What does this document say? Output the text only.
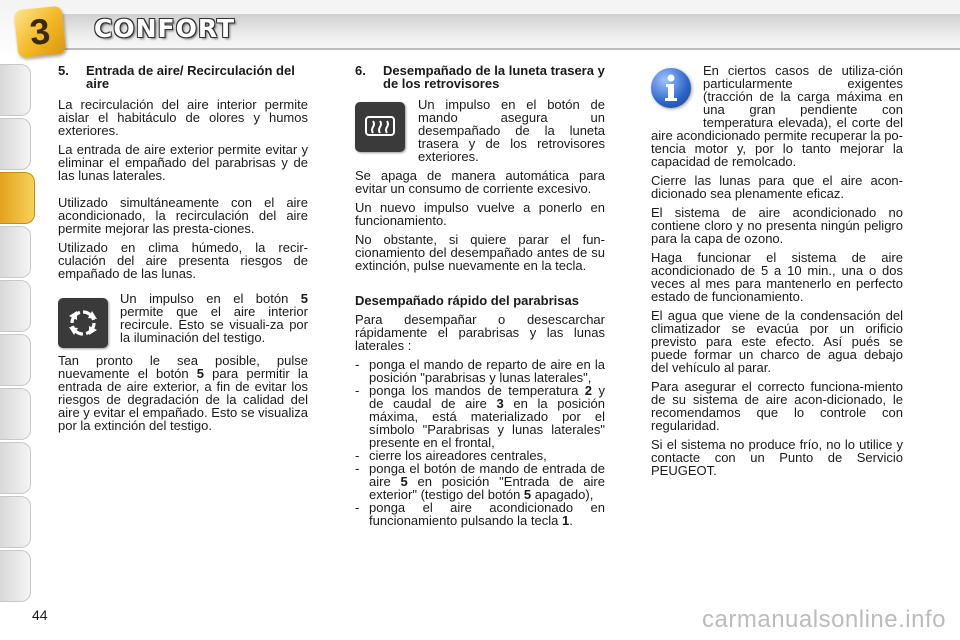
3	CONFORT
5.	Entrada de aire/ Recirculación del aire

La recirculación del aire interior permite aislar el habitáculo de olores y humos exteriores.

La entrada de aire exterior permite evitar y eliminar el empañado del parabrisas y de las lunas laterales.

Utilizado simultáneamente con el aire acondicionado, la recirculación del aire permite mejorar las presta-ciones.

Utilizado en clima húmedo, la recir-culación del aire presenta riesgos de empañado de las lunas.

Un impulso en el botón 5 permite que el aire interior recircule. Esto se visuali-za por la iluminación del testigo.

Tan pronto le sea posible, pulse nuevamente el botón 5 para permitir la entrada de aire exterior, a fin de evitar los riesgos de degradación de la calidad del aire y evitar el empañado. Esto se visualiza por la extinción del testigo.

6.	Desempañado de la luneta trasera y de los retrovisores
Un impulso en el botón de mando asegura un desempañado de la luneta trasera y de los retrovisores exteriores.

Se apaga de manera automática para evitar un consumo de corriente excesivo.

Un nuevo impulso vuelve a ponerlo en funcionamiento.

No obstante, si quiere parar el fun-cionamiento del desempañado antes de su extinción, pulse nuevamente en la tecla.

Desempañado rápido del parabrisas

Para desempañar o desescarchar rápidamente el parabrisas y las lunas laterales :

- ponga el mando de reparto de aire en la posición "parabrisas y lunas laterales",
- ponga los mandos de temperatura 2 y de caudal de aire 3 en la posición máxima, está materializado por el símbolo "Parabrisas y lunas laterales" presente en el frontal,
- cierre los aireadores centrales,
- ponga el botón de mando de entrada de aire 5 en posición "Entrada de aire exterior" (testigo del botón 5 apagado),
- ponga el aire acondicionado en funcionamiento pulsando la tecla 1.

En ciertos casos de utiliza-ción particularmente exigentes (tracción de la carga máxima en una gran pendiente con temperatura elevada), el corte del aire acondicionado permite recuperar la po-tencia motor y, por lo tanto mejorar la capacidad de remolcado.

Cierre las lunas para que el aire acon-dicionado sea plenamente eficaz.

El sistema de aire acondicionado no contiene cloro y no presenta ningún peligro para la capa de ozono.

Haga funcionar el sistema de aire acondicionado de 5 a 10 min., una o dos veces al mes para mantenerlo en perfecto estado de funcionamiento.

El agua que viene de la condensación del climatizador se evacúa por un orificio previsto para este efecto. Así pués se puede formar un charco de agua debajo del vehículo al parar.

Para asegurar el correcto funciona-miento de su sistema de aire acon-dicionado, le recomendamos que lo controle con regularidad.

Si el sistema no produce frío, no lo utilice y contacte con un Punto de Servicio PEUGEOT.

44	carmanualsonline.info
